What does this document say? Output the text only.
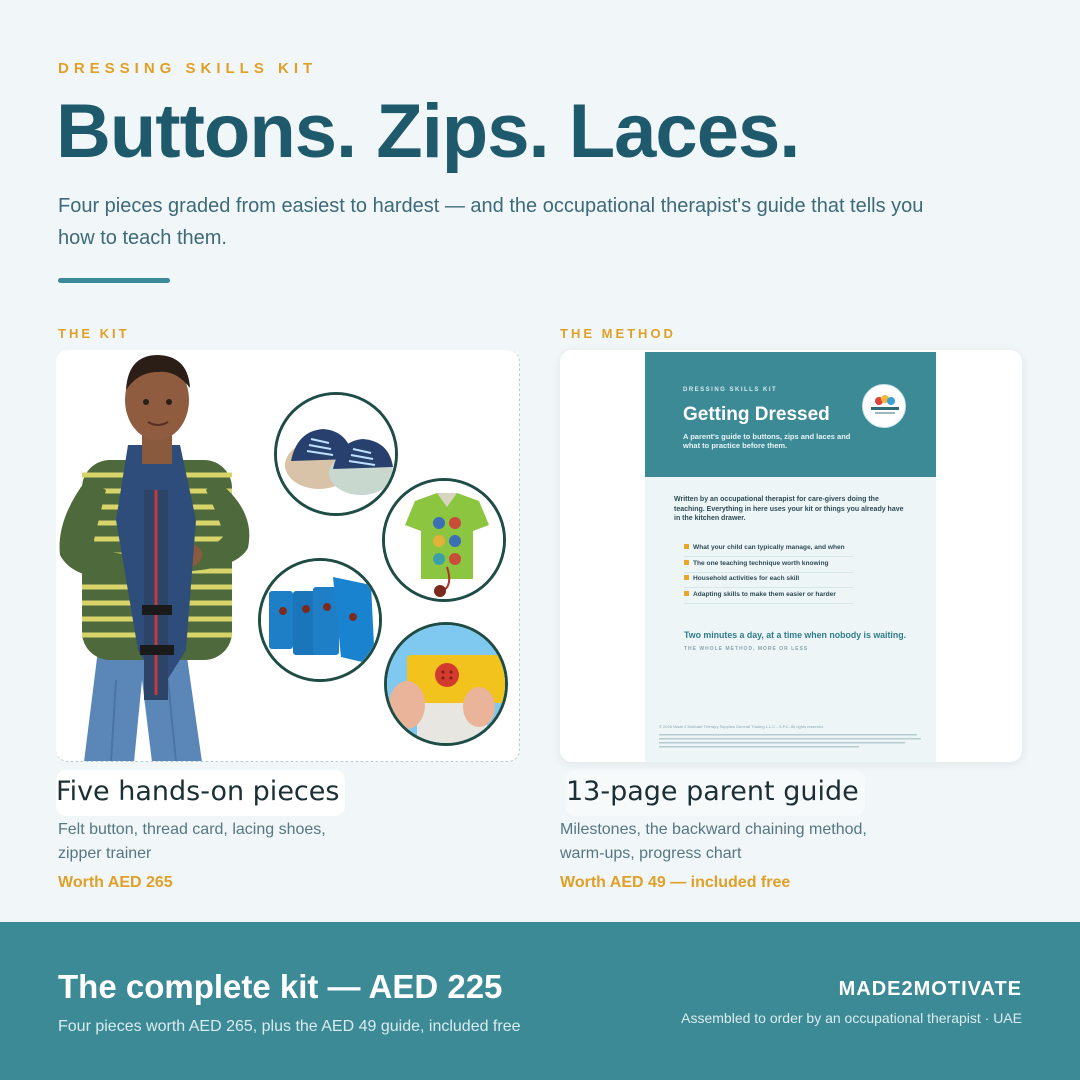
DRESSING SKILLS KIT
Buttons. Zips. Laces.
Four pieces graded from easiest to hardest — and the occupational therapist's guide that tells you how to teach them.
THE KIT	THE METHOD
DRESSING SKILLS KIT
Getting Dressed
A parent's guide to buttons, zips and laces and what to practice before them.
Written by an occupational therapist for care-givers doing the teaching. Everything in here uses your kit or things you already have in the kitchen drawer.
What your child can typically manage, and when
The one teaching technique worth knowing
Household activities for each skill
Adapting skills to make them easier or harder
Two minutes a day, at a time when nobody is waiting.
THE WHOLE METHOD, MORE OR LESS
© 2026 Made 2 Motivate Therapy Supplies General Trading L.L.C - S.P.C. All rights reserved.
Five hands-on pieces
Felt button, thread card, lacing shoes, zipper trainer
Worth AED 265
13-page parent guide
Milestones, the backward chaining method, warm-ups, progress chart
Worth AED 49 — included free
The complete kit — AED 225
Four pieces worth AED 265, plus the AED 49 guide, included free
MADE2MOTIVATE
Assembled to order by an occupational therapist · UAE
